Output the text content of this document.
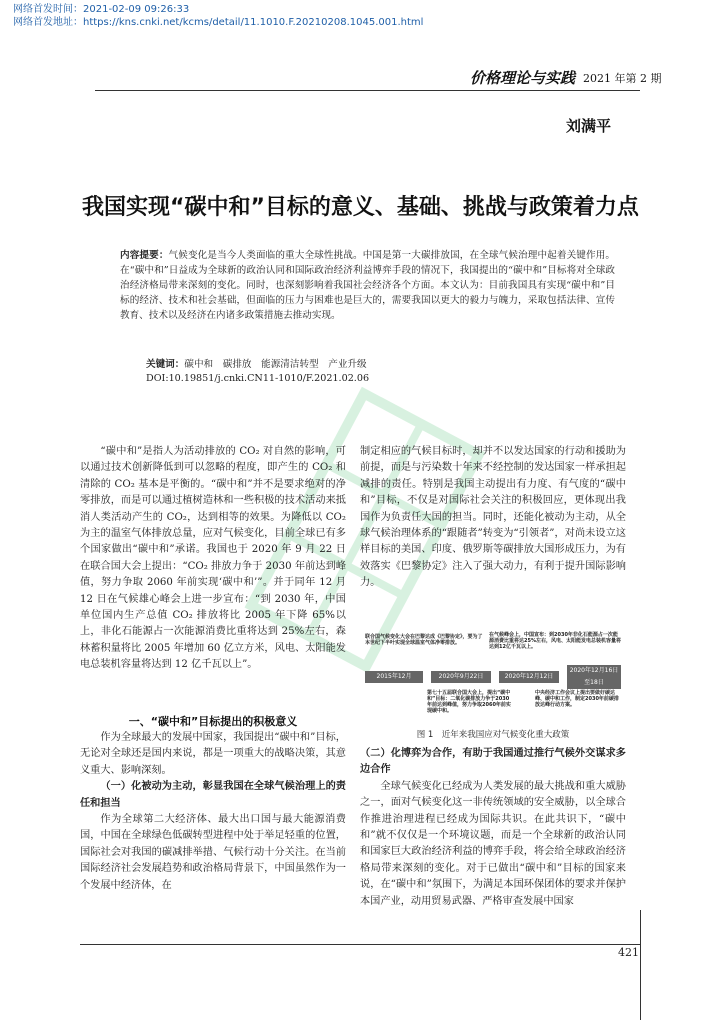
网络首发时间：2021-02-09 09:26:33
网络首发地址：https://kns.cnki.net/kcms/detail/11.1010.F.20210208.1045.001.html
价格理论与实践 2021 年第 2 期
刘满平
我国实现“碳中和”目标的意义、基础、挑战与政策着力点
内容提要：气候变化是当今人类面临的重大全球性挑战。中国是第一大碳排放国，在全球气候治理中起着关键作用。在“碳中和”日益成为全球新的政治认同和国际政治经济利益博弈手段的情况下，我国提出的“碳中和”目标将对全球政治经济格局带来深刻的变化。同时，也深刻影响着我国社会经济各个方面。本文认为：目前我国具有实现“碳中和”目标的经济、技术和社会基础，但面临的压力与困难也是巨大的，需要我国以更大的毅力与魄力，采取包括法律、宣传教育、技术以及经济在内诸多政策措施去推动实现。
关键词：碳中和　碳排放　能源清洁转型　产业升级
DOI:10.19851/j.cnki.CN11-1010/F.2021.02.06

“碳中和”是指人为活动排放的 CO₂ 对自然的影响，可以通过技术创新降低到可以忽略的程度，即产生的 CO₂ 和清除的 CO₂ 基本是平衡的。“碳中和”并不是要求绝对的净零排放，而是可以通过植树造林和一些积极的技术活动来抵消人类活动产生的 CO₂，达到相等的效果。为降低以 CO₂ 为主的温室气体排放总量，应对气候变化，目前全球已有多个国家做出“碳中和”承诺。我国也于 2020 年 9 月 22 日在联合国大会上提出：“CO₂ 排放力争于 2030 年前达到峰值，努力争取 2060 年前实现‘碳中和’”。并于同年 12 月 12 日在气候雄心峰会上进一步宣布：“到 2030 年，中国单位国内生产总值 CO₂ 排放将比 2005 年下降 65%以上，非化石能源占一次能源消费比重将达到 25%左右，森林蓄积量将比 2005 年增加 60 亿立方米，风电、太阳能发电总装机容量将达到 12 亿千瓦以上”。

一、“碳中和”目标提出的积极意义

作为全球最大的发展中国家，我国提出“碳中和”目标，无论对全球还是国内来说，都是一项重大的战略决策，其意义重大、影响深刻。

（一）化被动为主动，彰显我国在全球气候治理上的责任和担当

作为全球第二大经济体、最大出口国与最大能源消费国，中国在全球绿色低碳转型进程中处于举足轻重的位置，国际社会对我国的碳减排举措、气候行动十分关注。在当前国际经济社会发展趋势和政治格局背景下，中国虽然作为一个发展中经济体，在

制定相应的气候目标时，却并不以发达国家的行动和援助为前提，而是与污染数十年来不经控制的发达国家一样承担起减排的责任。特别是我国主动提出有力度、有气度的“碳中和”目标，不仅是对国际社会关注的积极回应，更体现出我国作为负责任大国的担当。同时，还能化被动为主动，从全球气候治理体系的“跟随者”转变为“引领者”，对尚未设立这样目标的美国、印度、俄罗斯等碳排放大国形成压力，为有效落实《巴黎协定》注入了强大动力，有利于提升国际影响力。

联合国气候变化大会在巴黎达成《巴黎协定》，要为了本世纪下半叶实现全球温室气体净零排放。
在气候峰会上，中国宣布：到2030年非化石能源占一次能源消费比重将达25%左右，风电、太阳能发电总装机容量将达到12亿千瓦以上。
2015年12月	2020年9月22日	2020年12月12日
2020年12月16日至18日
第七十五届联合国大会上，提出“碳中和”目标：二氧化碳排放力争于2030年前达到峰值，努力争取2060年前实现碳中和。
中央经济工作会议上提出要做好碳达峰、碳中和工作，制定2030年前碳排放达峰行动方案。
图 1　近年来我国应对气候变化重大政策

（二）化博弈为合作，有助于我国通过推行气候外交谋求多边合作

全球气候变化已经成为人类发展的最大挑战和重大威胁之一，面对气候变化这一非传统领域的安全威胁，以全球合作推进治理进程已经成为国际共识。在此共识下，“碳中和”就不仅仅是一个环境议题，而是一个全球新的政治认同和国家巨大政治经济利益的博弈手段，将会给全球政治经济格局带来深刻的变化。对于已做出“碳中和”目标的国家来说，在“碳中和”氛围下，为满足本国环保团体的要求并保护本国产业，动用贸易武器、严格审查发展中国家

421
